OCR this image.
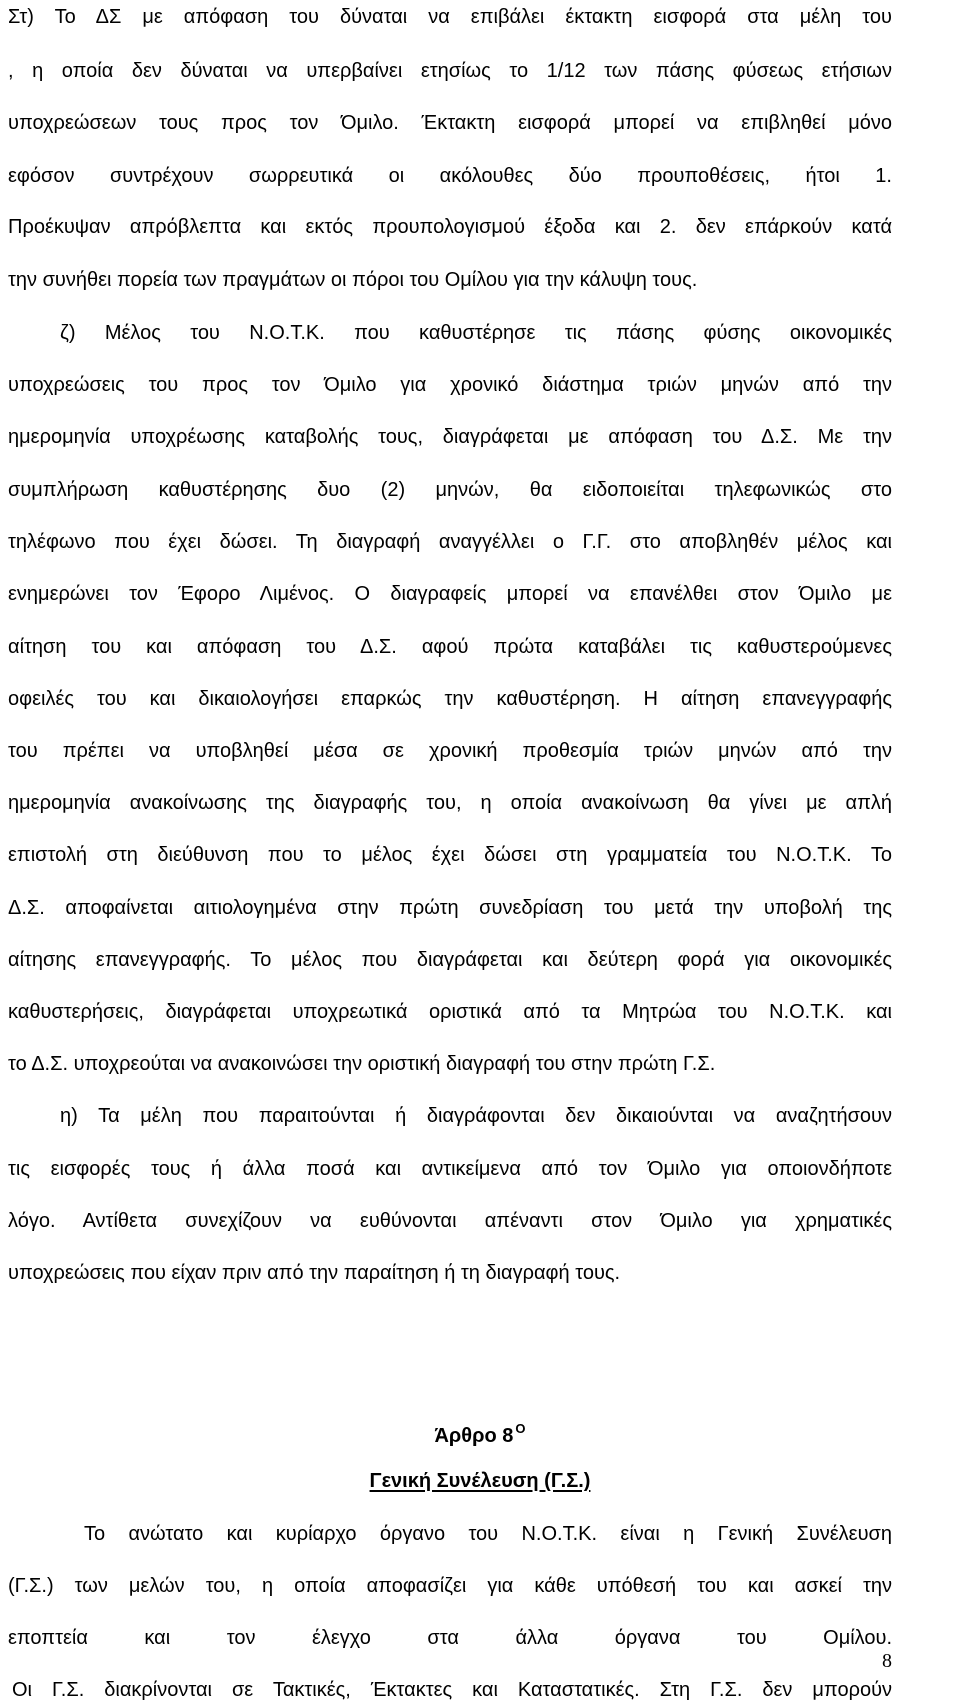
Στ) Το ΔΣ με απόφαση του δύναται να επιβάλει έκτακτη εισφορά στα μέλη του
, η οποία δεν δύναται να υπερβαίνει ετησίως το 1/12 των πάσης φύσεως ετήσιων
υποχρεώσεων τους προς τον Όμιλο. Έκτακτη εισφορά μπορεί να επιβληθεί μόνο
εφόσον συντρέχουν σωρρευτικά οι ακόλουθες δύο προυποθέσεις, ήτοι 1.
Προέκυψαν απρόβλεπτα και εκτός προυπολογισμού έξοδα και 2. δεν επάρκούν κατά
την συνήθει πορεία των πραγμάτων οι πόροι του Ομίλου για την κάλυψη τους.
ζ) Μέλος του Ν.Ο.Τ.Κ. που καθυστέρησε τις πάσης φύσης οικονομικές
υποχρεώσεις του προς τον Όμιλο για χρονικό διάστημα τριών μηνών από την
ημερομηνία υποχρέωσης καταβολής τους, διαγράφεται με απόφαση του Δ.Σ. Με την
συμπλήρωση καθυστέρησης δυο (2) μηνών, θα ειδοποιείται τηλεφωνικώς στο
τηλέφωνο που έχει δώσει. Τη διαγραφή αναγγέλλει ο Γ.Γ. στο αποβληθέν μέλος και
ενημερώνει τον Έφορο Λιμένος. Ο διαγραφείς μπορεί να επανέλθει στον Όμιλο με
αίτηση του και απόφαση του Δ.Σ. αφού πρώτα καταβάλει τις καθυστερούμενες
οφειλές του και δικαιολογήσει επαρκώς την καθυστέρηση. Η αίτηση επανεγγραφής
του πρέπει να υποβληθεί μέσα σε χρονική προθεσμία τριών μηνών από την
ημερομηνία ανακοίνωσης της διαγραφής του, η οποία ανακοίνωση θα γίνει με απλή
επιστολή στη διεύθυνση που το μέλος έχει δώσει στη γραμματεία του Ν.Ο.Τ.Κ. Το
Δ.Σ. αποφαίνεται αιτιολογημένα στην πρώτη συνεδρίαση του μετά την υποβολή της
αίτησης επανεγγραφής. Το μέλος που διαγράφεται και δεύτερη φορά για οικονομικές
καθυστερήσεις, διαγράφεται υποχρεωτικά οριστικά από τα Μητρώα του Ν.Ο.Τ.Κ. και
το Δ.Σ. υποχρεούται να ανακοινώσει την οριστική διαγραφή του στην πρώτη Γ.Σ.
η) Τα μέλη που παραιτούνται ή διαγράφονται δεν δικαιούνται να αναζητήσουν
τις εισφορές τους ή άλλα ποσά και αντικείμενα από τον Όμιλο για οποιονδήποτε
λόγο. Αντίθετα συνεχίζουν να ευθύνονται απέναντι στον Όμιλο για χρηματικές
υποχρεώσεις που είχαν πριν από την παραίτηση ή τη διαγραφή τους.
Άρθρο 8 $^O$
Γενική Συνέλευση (Γ.Σ.)
Το ανώτατο και κυρίαρχο όργανο του Ν.Ο.Τ.Κ. είναι η Γενική Συνέλευση
(Γ.Σ.) των μελών του, η οποία αποφασίζει για κάθε υπόθεσή του και ασκεί την
εποπτεία και τον έλεγχο στα άλλα όργανα του Ομίλου.
Οι Γ.Σ. διακρίνονται σε Τακτικές, Έκτακτες και Καταστατικές. Στη Γ.Σ. δεν μπορούν
8
